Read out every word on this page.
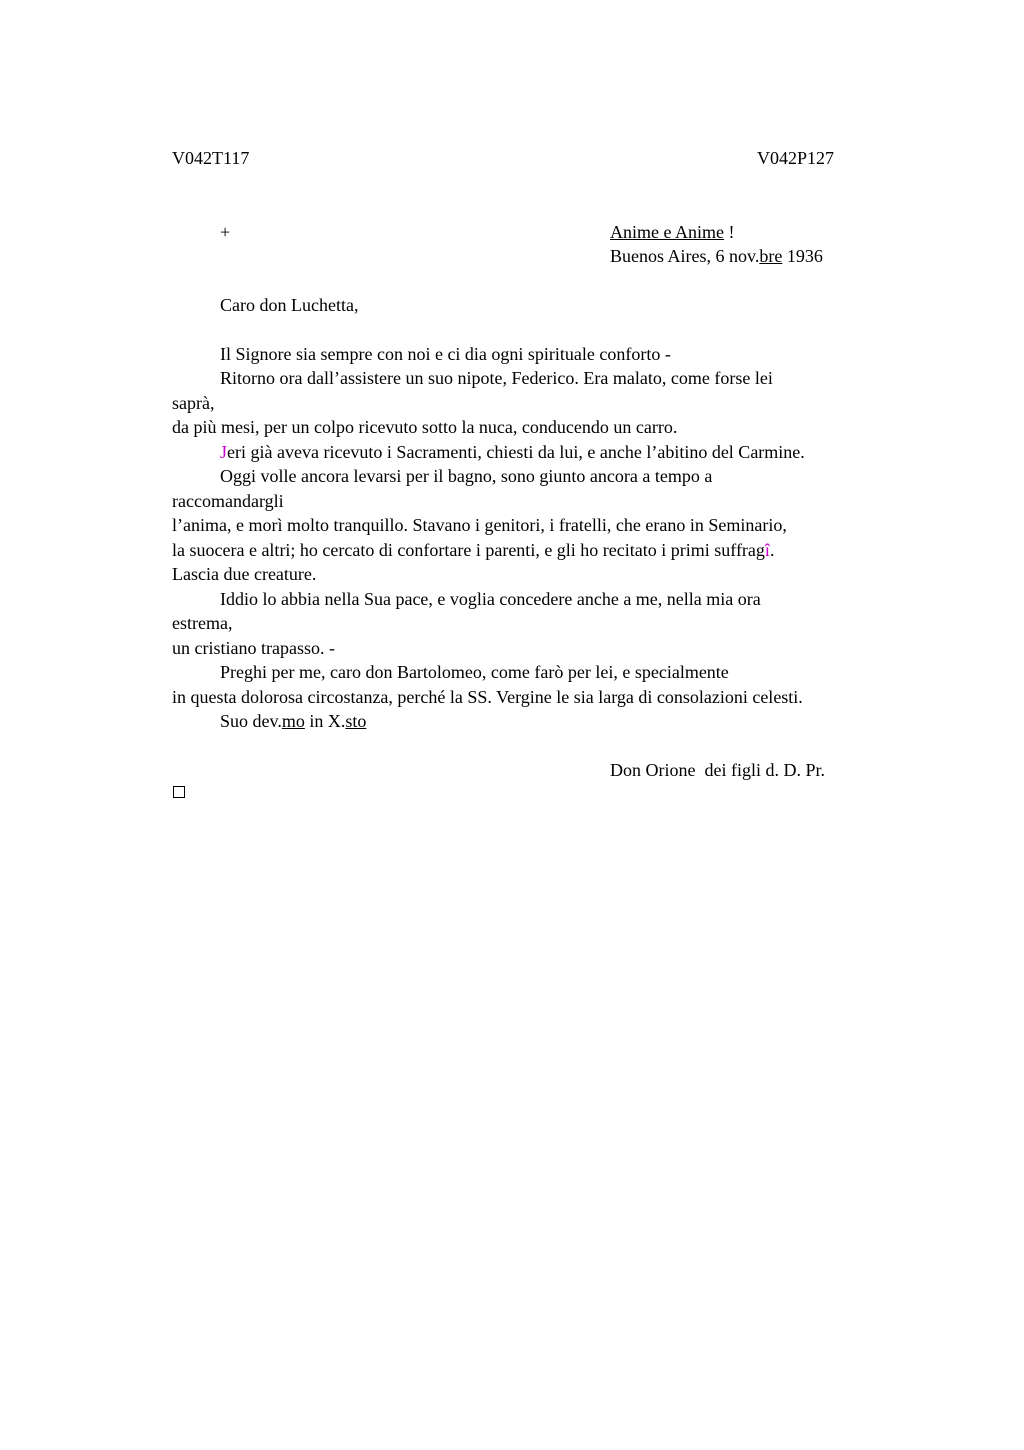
V042T117	V042P127
+	Anime e Anime !
Buenos Aires, 6 nov.bre 1936
Caro don Luchetta,
Il Signore sia sempre con noi e ci dia ogni spirituale conforto -
Ritorno ora dall’assistere un suo nipote, Federico. Era malato, come forse lei
saprà,
da più mesi, per un colpo ricevuto sotto la nuca, conducendo un carro.
Jeri già aveva ricevuto i Sacramenti, chiesti da lui, e anche l’abitino del Carmine.
Oggi volle ancora levarsi per il bagno, sono giunto ancora a tempo a
raccomandargli
l’anima, e morì molto tranquillo. Stavano i genitori, i fratelli, che erano in Seminario,
la suocera e altri; ho cercato di confortare i parenti, e gli ho recitato i primi suffragî.
Lascia due creature.
Iddio lo abbia nella Sua pace, e voglia concedere anche a me, nella mia ora
estrema,
un cristiano trapasso. -
Preghi per me, caro don Bartolomeo, come farò per lei, e specialmente
in questa dolorosa circostanza, perché la SS. Vergine le sia larga di consolazioni celesti.
Suo dev.mo in X.sto
Don Orione  dei figli d. D. Pr.
